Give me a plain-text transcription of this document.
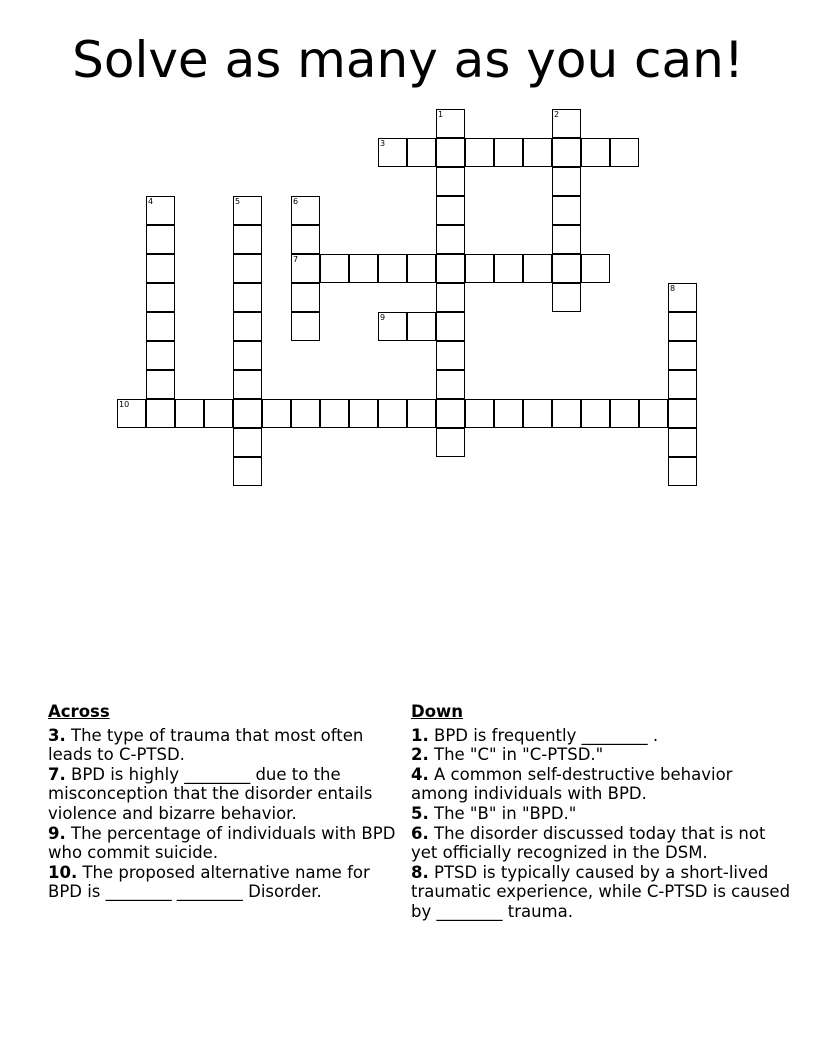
Solve as many as you can!
1	2
3
4	5	6
7
8
9
10
Across
3. The type of trauma that most often leads to C-PTSD.
7. BPD is highly ________ due to the misconception that the disorder entails violence and bizarre behavior.
9. The percentage of individuals with BPD who commit suicide.
10. The proposed alternative name for BPD is ________ ________ Disorder.
Down
1. BPD is frequently ________ .
2. The "C" in "C-PTSD."
4. A common self-destructive behavior among individuals with BPD.
5. The "B" in "BPD."
6. The disorder discussed today that is not yet officially recognized in the DSM.
8. PTSD is typically caused by a short-lived traumatic experience, while C-PTSD is caused by ________ trauma.
